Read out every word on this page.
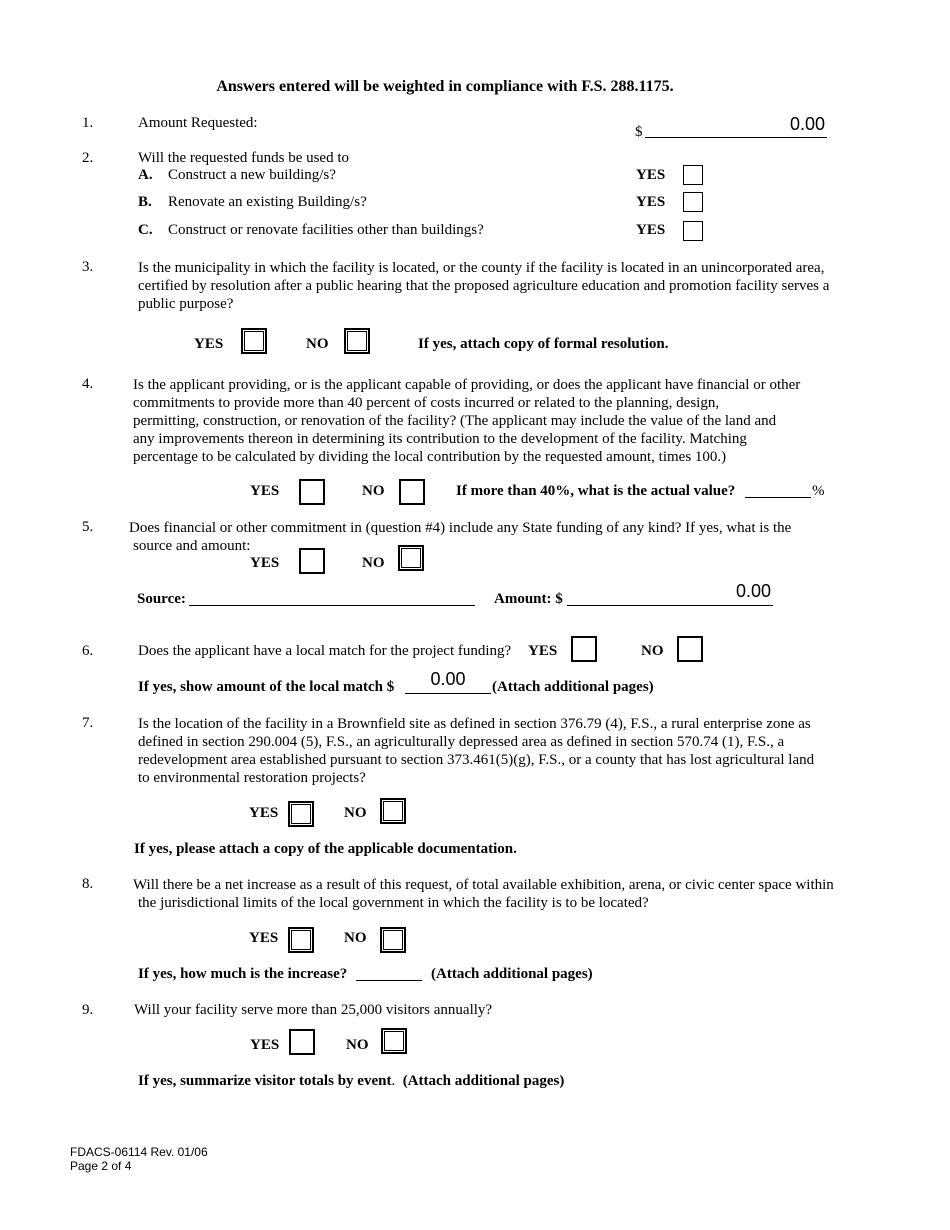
Answers entered will be weighted in compliance with F.S. 288.1175.
1.	Amount Requested:
$	0.00
2.	Will the requested funds be used to
A. Construct a new building/s?	YES
B. Renovate an existing Building/s?	YES
C. Construct or renovate facilities other than buildings?	YES
3.	Is the municipality in which the facility is located, or the county if the facility is located in an unincorporated area,
certified by resolution after a public hearing that the proposed agriculture education and promotion facility serves a
public purpose?
YES	NO	If yes, attach copy of formal resolution.
4.	Is the applicant providing, or is the applicant capable of providing, or does the applicant have financial or other
commitments to provide more than 40 percent of costs incurred or related to the planning, design,
permitting, construction, or renovation of the facility? (The applicant may include the value of the land and
any improvements thereon in determining its contribution to the development of the facility. Matching
percentage to be calculated by dividing the local contribution by the requested amount, times 100.)
YES	NO	If more than 40%, what is the actual value?	%
5. Does financial or other commitment in (question #4) include any State funding of any kind? If yes, what is the
source and amount:
YES	NO
Source:	Amount: $	0.00
6.	Does the applicant have a local match for the project funding? YES	NO
If yes, show amount of the local match $	0.00	(Attach additional pages)
7.	Is the location of the facility in a Brownfield site as defined in section 376.79 (4), F.S., a rural enterprise zone as
defined in section 290.004 (5), F.S., an agriculturally depressed area as defined in section 570.74 (1), F.S., a
redevelopment area established pursuant to section 373.461(5)(g), F.S., or a county that has lost agricultural land
to environmental restoration projects?
YES	NO
If yes, please attach a copy of the applicable documentation.
8.	Will there be a net increase as a result of this request, of total available exhibition, arena, or civic center space within
the jurisdictional limits of the local government in which the facility is to be located?
YES	NO
If yes, how much is the increase?	(Attach additional pages)
9.	Will your facility serve more than 25,000 visitors annually?
YES	NO
If yes, summarize visitor totals by event. (Attach additional pages)
FDACS-06114 Rev. 01/06
Page 2 of 4
